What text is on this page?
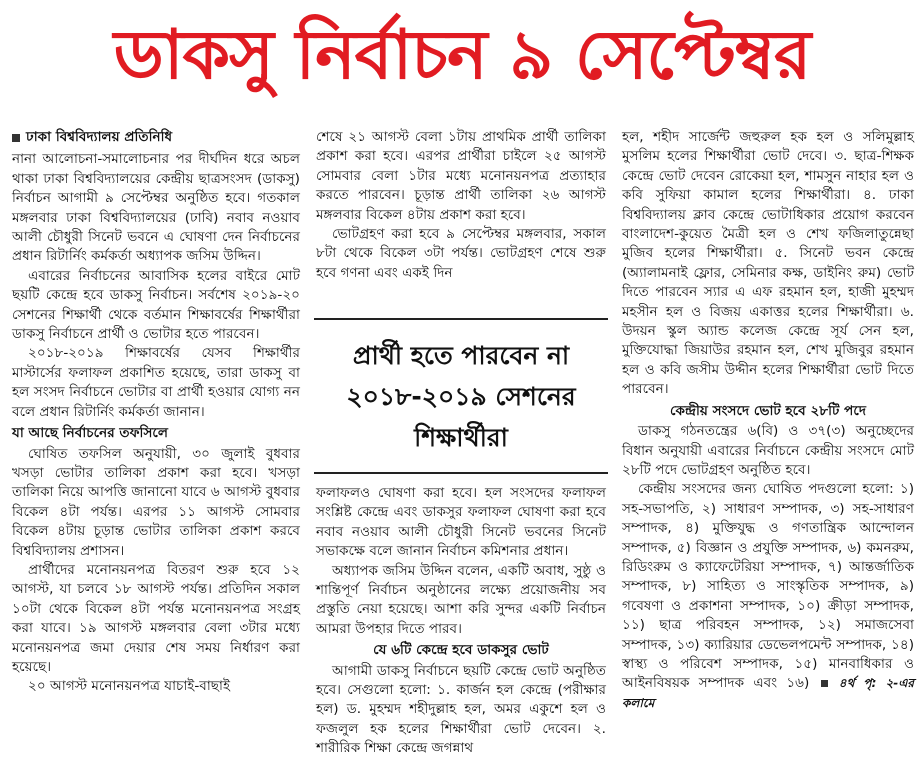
ডাকসু নির্বাচন ৯ সেপ্টেম্বর
ঢাকা বিশ্ববিদ্যালয় প্রতিনিধি

নানা আলোচনা-সমালোচনার পর দীর্ঘদিন ধরে অচল থাকা ঢাকা বিশ্ববিদ্যালয়ের কেন্দ্রীয় ছাত্রসংসদ (ডাকসু) নির্বাচন আগামী ৯ সেপ্টেম্বর অনুষ্ঠিত হবে। গতকাল মঙ্গলবার ঢাকা বিশ্ববিদ্যালয়ের (ঢাবি) নবাব নওয়াব আলী চৌধুরী সিনেট ভবনে এ ঘোষণা দেন নির্বাচনের প্রধান রিটার্নিং কর্মকর্তা অধ্যাপক জসিম উদ্দিন।

এবারের নির্বাচনের আবাসিক হলের বাইরে মোট ছয়টি কেন্দ্রে হবে ডাকসু নির্বাচন। সর্বশেষ ২০১৯-২০ সেশনের শিক্ষার্থী থেকে বর্তমান শিক্ষাবর্ষের শিক্ষার্থীরা ডাকসু নির্বাচনে প্রার্থী ও ভোটার হতে পারবেন।

২০১৮-২০১৯ শিক্ষাবর্ষের যেসব শিক্ষার্থীর মাস্টার্সের ফলাফল প্রকাশিত হয়েছে, তারা ডাকসু বা হল সংসদ নির্বাচনে ভোটার বা প্রার্থী হওয়ার যোগ্য নন বলে প্রধান রিটার্নিং কর্মকর্তা জানান।

যা আছে নির্বাচনের তফসিলে

ঘোষিত তফসিল অনুযায়ী, ৩০ জুলাই বুধবার খসড়া ভোটার তালিকা প্রকাশ করা হবে। খসড়া তালিকা নিয়ে আপত্তি জানানো যাবে ৬ আগস্ট বুধবার বিকেল ৪টা পর্যন্ত। এরপর ১১ আগস্ট সোমবার বিকেল ৪টায় চূড়ান্ত ভোটার তালিকা প্রকাশ করবে বিশ্ববিদ্যালয় প্রশাসন।

প্রার্থীদের মনোনয়নপত্র বিতরণ শুরু হবে ১২ আগস্ট, যা চলবে ১৮ আগস্ট পর্যন্ত। প্রতিদিন সকাল ১০টা থেকে বিকেল ৪টা পর্যন্ত মনোনয়নপত্র সংগ্রহ করা যাবে। ১৯ আগস্ট মঙ্গলবার বেলা ৩টার মধ্যে মনোনয়নপত্র জমা দেয়ার শেষ সময় নির্ধারণ করা হয়েছে।

২০ আগস্ট মনোনয়নপত্র যাচাই-বাছাই

শেষে ২১ আগস্ট বেলা ১টায় প্রাথমিক প্রার্থী তালিকা প্রকাশ করা হবে। এরপর প্রার্থীরা চাইলে ২৫ আগস্ট সোমবার বেলা ১টার মধ্যে মনোনয়নপত্র প্রত্যাহার করতে পারবেন। চূড়ান্ত প্রার্থী তালিকা ২৬ আগস্ট মঙ্গলবার বিকেল ৪টায় প্রকাশ করা হবে।

ভোটগ্রহণ করা হবে ৯ সেপ্টেম্বর মঙ্গলবার, সকাল ৮টা থেকে বিকেল ৩টা পর্যন্ত। ভোটগ্রহণ শেষে শুরু হবে গণনা এবং একই দিন

প্রার্থী হতে পারবেন না ২০১৮-২০১৯ সেশনের শিক্ষার্থীরা

ফলাফলও ঘোষণা করা হবে। হল সংসদের ফলাফল সংশ্লিষ্ট কেন্দ্রে এবং ডাকসুর ফলাফল ঘোষণা করা হবে নবাব নওয়াব আলী চৌধুরী সিনেট ভবনের সিনেট সভাকক্ষে বলে জানান নির্বাচন কমিশনার প্রধান।

অধ্যাপক জসিম উদ্দিন বলেন, একটি অবাধ, সুষ্ঠু ও শান্তিপূর্ণ নির্বাচন অনুষ্ঠানের লক্ষ্যে প্রয়োজনীয় সব প্রস্তুতি নেয়া হয়েছে। আশা করি সুন্দর একটি নির্বাচন আমরা উপহার দিতে পারব।

যে ৬টি কেন্দ্রে হবে ডাকসুর ভোট

আগামী ডাকসু নির্বাচনে ছয়টি কেন্দ্রে ভোট অনুষ্ঠিত হবে। সেগুলো হলো: ১. কার্জন হল কেন্দ্রে (পরীক্ষার হল) ড. মুহম্মদ শহীদুল্লাহ হল, অমর একুশে হল ও ফজলুল হক হলের শিক্ষার্থীরা ভোট দেবেন। ২. শারীরিক শিক্ষা কেন্দ্রে জগন্নাথ

হল, শহীদ সার্জেন্ট জহুরুল হক হল ও সলিমুল্লাহ মুসলিম হলের শিক্ষার্থীরা ভোট দেবে। ৩. ছাত্র-শিক্ষক কেন্দ্রে ভোট দেবেন রোকেয়া হল, শামসুন নাহার হল ও কবি সুফিয়া কামাল হলের শিক্ষার্থীরা। ৪. ঢাকা বিশ্ববিদ্যালয় ক্লাব কেন্দ্রে ভোটাধিকার প্রয়োগ করবেন বাংলাদেশ-কুয়েত মৈত্রী হল ও শেখ ফজিলাতুন্নেছা মুজিব হলের শিক্ষার্থীরা। ৫. সিনেট ভবন কেন্দ্রে (অ্যালামনাই ফ্লোর, সেমিনার কক্ষ, ডাইনিং রুম) ভোট দিতে পারবেন স্যার এ এফ রহমান হল, হাজী মুহম্মদ মহসীন হল ও বিজয় একাত্তর হলের শিক্ষার্থীরা। ৬. উদয়ন স্কুল অ্যান্ড কলেজ কেন্দ্রে সূর্য সেন হল, মুক্তিযোদ্ধা জিয়াউর রহমান হল, শেখ মুজিবুর রহমান হল ও কবি জসীম উদ্দীন হলের শিক্ষার্থীরা ভোট দিতে পারবেন।

কেন্দ্রীয় সংসদে ভোট হবে ২৮টি পদে

ডাকসু গঠনতন্ত্রের ৬(বি) ও ৩৭(৩) অনুচ্ছেদের বিধান অনুযায়ী এবারের নির্বাচনে কেন্দ্রীয় সংসদে মোট ২৮টি পদে ভোটগ্রহণ অনুষ্ঠিত হবে।

কেন্দ্রীয় সংসদের জন্য ঘোষিত পদগুলো হলো: ১) সহ-সভাপতি, ২) সাধারণ সম্পাদক, ৩) সহ-সাধারণ সম্পাদক, ৪) মুক্তিযুদ্ধ ও গণতান্ত্রিক আন্দোলন সম্পাদক, ৫) বিজ্ঞান ও প্রযুক্তি সম্পাদক, ৬) কমনরুম, রিডিংরুম ও ক্যাফেটেরিয়া সম্পাদক, ৭) আন্তর্জাতিক সম্পাদক, ৮) সাহিত্য ও সাংস্কৃতিক সম্পাদক, ৯) গবেষণা ও প্রকাশনা সম্পাদক, ১০) ক্রীড়া সম্পাদক, ১১) ছাত্র পরিবহন সম্পাদক, ১২) সমাজসেবা সম্পাদক, ১৩) ক্যারিয়ার ডেভেলপমেন্ট সম্পাদক, ১৪) স্বাস্থ্য ও পরিবেশ সম্পাদক, ১৫) মানবাধিকার ও আইনবিষয়ক সম্পাদক এবং ১৬) ৪র্থ পৃ: ২-এর কলামে
